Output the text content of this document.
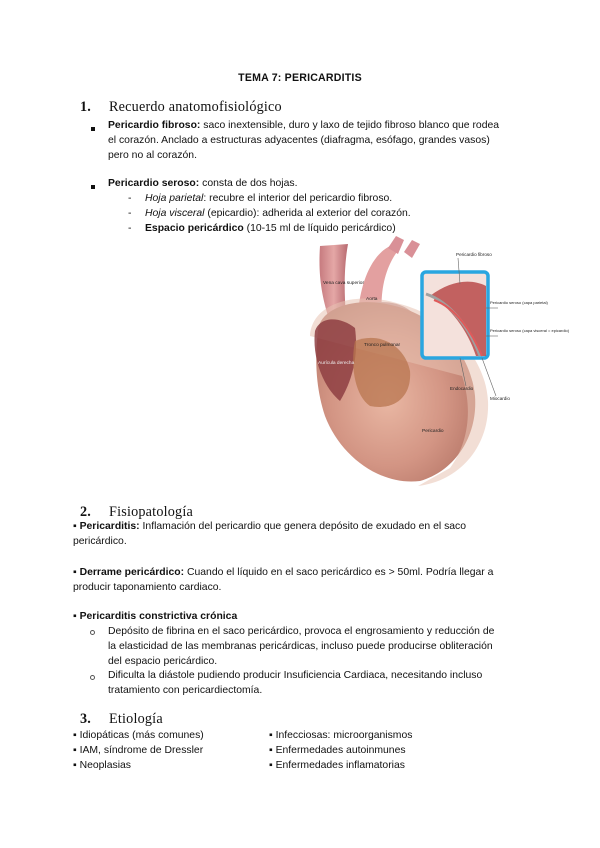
TEMA 7: PERICARDITIS
1. Recuerdo anatomofisiológico
Pericardio fibroso: saco inextensible, duro y laxo de tejido fibroso blanco que rodea
el corazón. Anclado a estructuras adyacentes (diafragma, esófago, grandes vasos)
pero no al corazón.
Pericardio seroso: consta de dos hojas.
- Hoja parietal: recubre el interior del pericardio fibroso.
- Hoja visceral (epicardio): adherida al exterior del corazón.
- Espacio pericárdico (10-15 ml de líquido pericárdico)
Vena cava superior
Aorta
Tronco pulmonar
Aurícula derecha
Pericardio
Pericardio fibroso
Pericardio seroso (capa parietal)
Pericardio seroso (capa visceral = epicardio)
Endocardio
Miocardio
2. Fisiopatología
▪ Pericarditis: Inflamación del pericardio que genera depósito de exudado en el saco
pericárdico.
▪ Derrame pericárdico: Cuando el líquido en el saco pericárdico es > 50ml. Podría llegar a
producir taponamiento cardiaco.
▪ Pericarditis constrictiva crónica
Depósito de fibrina en el saco pericárdico, provoca el engrosamiento y reducción de
la elasticidad de las membranas pericárdicas, incluso puede producirse obliteración
del espacio pericárdico.
Dificulta la diástole pudiendo producir Insuficiencia Cardiaca, necesitando incluso
tratamiento con pericardiectomía.
3. Etiología
▪ Idiopáticas (más comunes)
▪ IAM, síndrome de Dressler
▪ Neoplasias
▪ Infecciosas: microorganismos
▪ Enfermedades autoinmunes
▪ Enfermedades inflamatorias
